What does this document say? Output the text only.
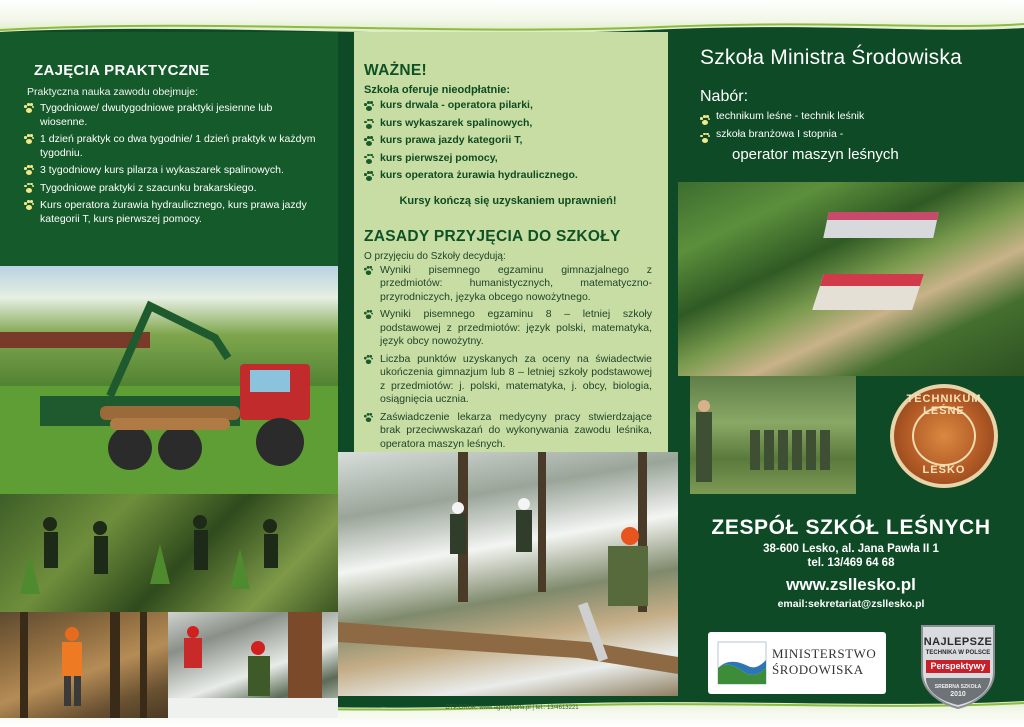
ZAJĘCIA PRAKTYCZNE
Praktyczna nauka zawodu obejmuje:
Tygodniowe/ dwutygodniowe praktyki jesienne lub wiosenne.
1 dzień praktyk co dwa tygodnie/ 1 dzień praktyk w każdym tygodniu.
3 tygodniowy kurs pilarza i wykaszarek spalinowych.
Tygodniowe praktyki z szacunku brakarskiego.
Kurs operatora żurawia hydraulicznego, kurs prawa jazdy kategorii T, kurs pierwszej pomocy.
WAŻNE!
Szkoła oferuje nieodpłatnie:
kurs drwala - operatora pilarki,
kurs wykaszarek spalinowych,
kurs prawa jazdy kategorii T,
kurs pierwszej pomocy,
kurs operatora żurawia hydraulicznego.
Kursy kończą się uzyskaniem uprawnień!
ZASADY PRZYJĘCIA DO SZKOŁY
O przyjęciu do Szkoły decydują:
Wyniki pisemnego egzaminu gimnazjalnego z przedmiotów: humanistycznych, matematyczno-przyrodniczych, języka obcego nowożytnego.
Wyniki pisemnego egzaminu 8 – letniej szkoły podstawowej z przedmiotów: język polski, matematyka, język obcy nowożytny.
Liczba punktów uzyskanych za oceny na świadectwie ukończenia gimnazjum lub 8 – letniej szkoły podstawowej z przedmiotów: j. polski, matematyka, j. obcy, biologia, osiągnięcia ucznia.
Zaświadczenie lekarza medycyny pracy stwierdzające brak przeciwwskazań do wykonywania zawodu leśnika, operatora maszyn leśnych.
Szkoła Ministra Środowiska
Nabór:
technikum leśne - technik leśnik
szkoła branżowa I stopnia -
operator maszyn leśnych
TECHNIKUM LEŚNE
LESKO
ZESPÓŁ SZKÓŁ LEŚNYCH
38-600 Lesko, al. Jana Pawła II 1
tel. 13/469 64 68
www.zsllesko.pl
email:sekretariat@zsllesko.pl
MINISTERSTWO
ŚRODOWISKA
NAJLEPSZE
TECHNIKA W POLSCE
Perspektywy
SREBRNA SZKOŁA
2010
DTP/DRUK: www.agencjaalfa.pl | tel.: 13/4613221
